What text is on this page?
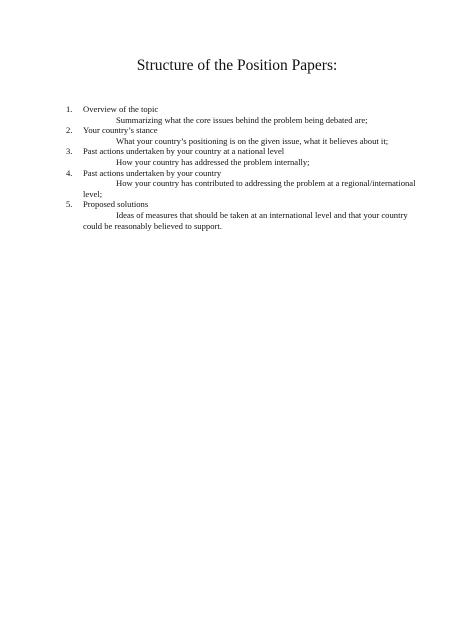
Structure of the Position Papers:
1.	Overview of the topic
Summarizing what the core issues behind the problem being debated are;
2.	Your country’s stance
What your country’s positioning is on the given issue, what it believes about it;
3.	Past actions undertaken by your country at a national level
How your country has addressed the problem internally;
4.	Past actions undertaken by your country
How your country has contributed to addressing the problem at a regional/international level;
5.	Proposed solutions
Ideas of measures that should be taken at an international level and that your country could be reasonably believed to support.
